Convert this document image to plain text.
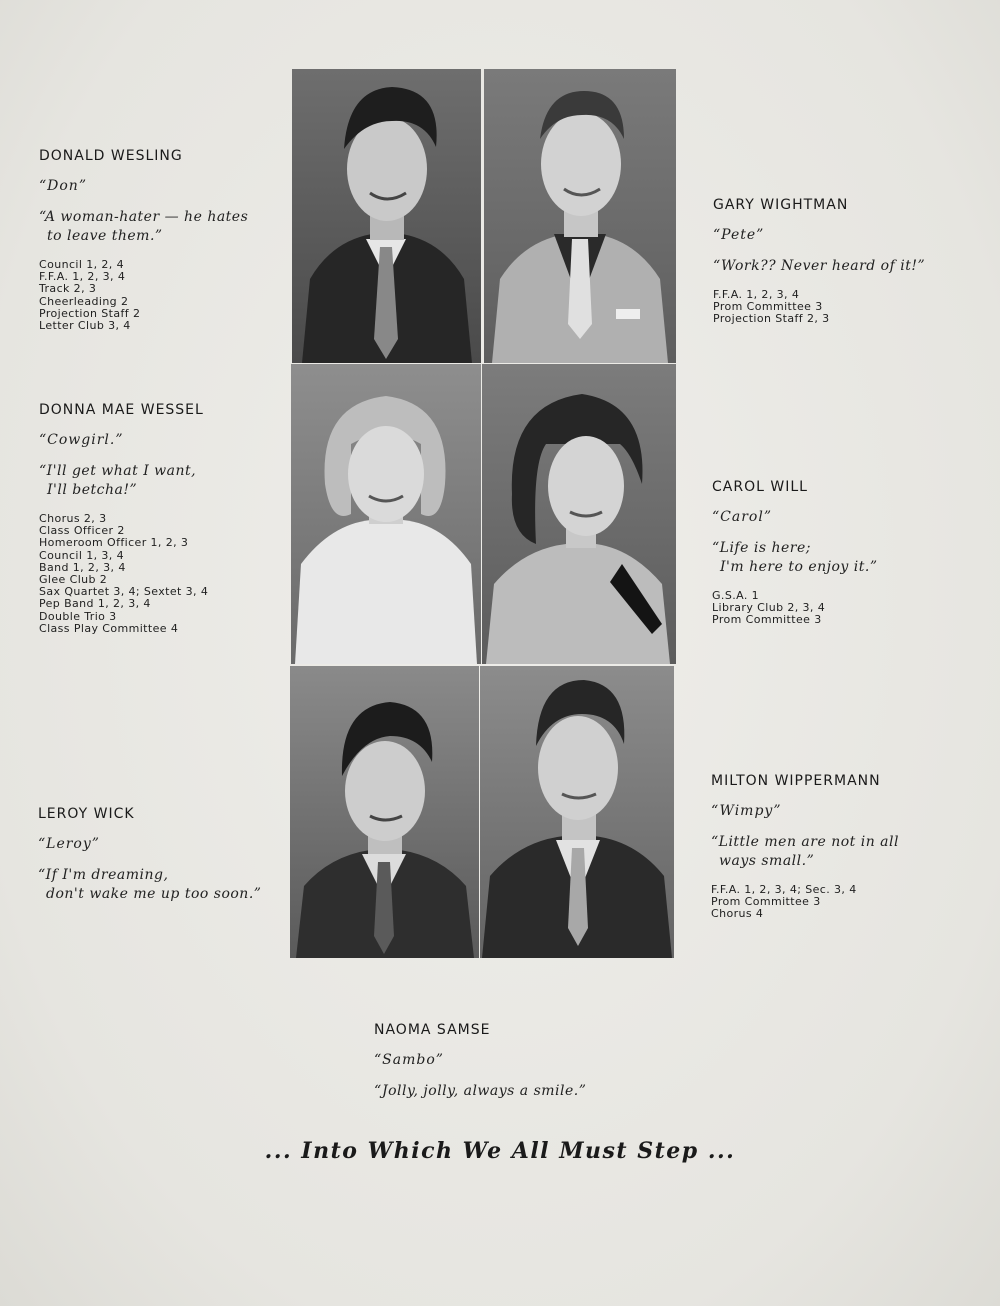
DONALD WESLING
“Don”
“A woman-hater — he hates
to leave them.”
Council 1, 2, 4
F.F.A. 1, 2, 3, 4
Track 2, 3
Cheerleading 2
Projection Staff 2
Letter Club 3, 4
GARY WIGHTMAN
“Pete”
“Work?? Never heard of it!”
F.F.A. 1, 2, 3, 4
Prom Committee 3
Projection Staff 2, 3
DONNA MAE WESSEL
“Cowgirl.”
“I'll get what I want,
I'll betcha!”
Chorus 2, 3
Class Officer 2
Homeroom Officer 1, 2, 3
Council 1, 3, 4
Band 1, 2, 3, 4
Glee Club 2
Sax Quartet 3, 4; Sextet 3, 4
Pep Band 1, 2, 3, 4
Double Trio 3
Class Play Committee 4
CAROL WILL
“Carol”
“Life is here;
I'm here to enjoy it.”
G.S.A. 1
Library Club 2, 3, 4
Prom Committee 3
LEROY WICK
“Leroy”
“If I'm dreaming,
don't wake me up too soon.”
MILTON WIPPERMANN
“Wimpy”
“Little men are not in all
ways small.”
F.F.A. 1, 2, 3, 4; Sec. 3, 4
Prom Committee 3
Chorus 4
NAOMA SAMSE
“Sambo”
“Jolly, jolly, always a smile.”
... Into Which We All Must Step ...
